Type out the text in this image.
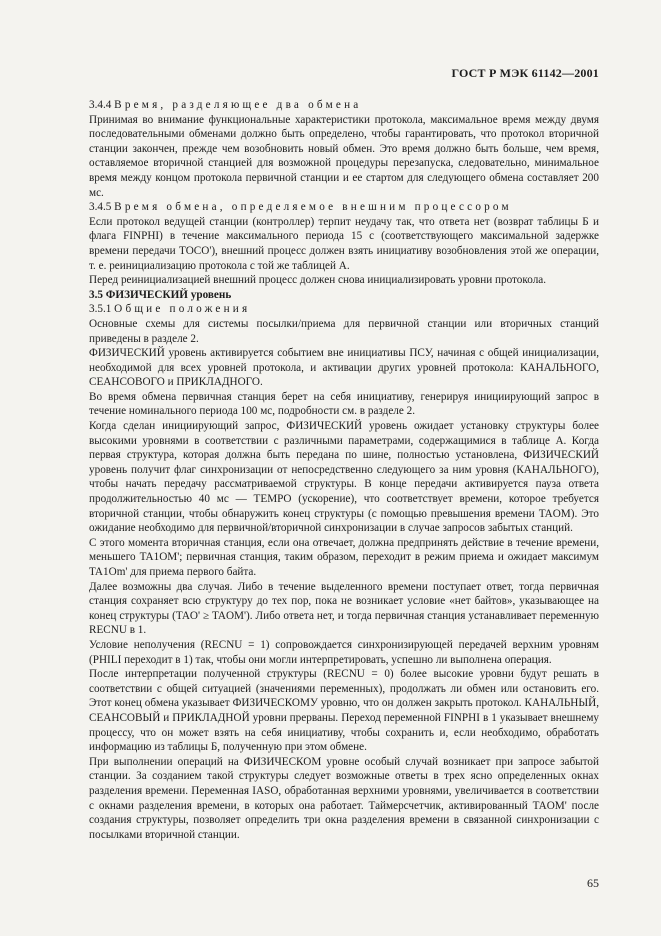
ГОСТ Р МЭК 61142—2001

3.4.4 Время, разделяющее два обмена

Принимая во внимание функциональные характеристики протокола, максимальное время между двумя последовательными обменами должно быть определено, чтобы гарантировать, что протокол вторичной станции закончен, прежде чем возобновить новый обмен. Это время должно быть больше, чем время, оставляемое вторичной станцией для возможной процедуры перезапуска, следовательно, минимальное время между концом протокола первичной станции и ее стартом для следующего обмена составляет 200 мс.

3.4.5 Время обмена, определяемое внешним процессором

Если протокол ведущей станции (контроллер) терпит неудачу так, что ответа нет (возврат таблицы Б и флага FINPHI) в течение максимального периода 15 с (соответствующего максимальной задержке времени передачи TOCO'), внешний процесс должен взять инициативу возобновления этой же операции, т. е. реинициализацию протокола с той же таблицей А.

Перед реинициализацией внешний процесс должен снова инициализировать уровни протокола.

3.5 ФИЗИЧЕСКИЙ уровень

3.5.1 Общие положения

Основные схемы для системы посылки/приема для первичной станции или вторичных станций приведены в разделе 2.

ФИЗИЧЕСКИЙ уровень активируется событием вне инициативы ПСУ, начиная с общей инициализации, необходимой для всех уровней протокола, и активации других уровней протокола: КАНАЛЬНОГО, СЕАНСОВОГО и ПРИКЛАДНОГО.

Во время обмена первичная станция берет на себя инициативу, генерируя инициирующий запрос в течение номинального периода 100 мс, подробности см. в разделе 2.

Когда сделан инициирующий запрос, ФИЗИЧЕСКИЙ уровень ожидает установку структуры более высокими уровнями в соответствии с различными параметрами, содержащимися в таблице А. Когда первая структура, которая должна быть передана по шине, полностью установлена, ФИЗИЧЕСКИЙ уровень получит флаг синхронизации от непосредственно следующего за ним уровня (КАНАЛЬНОГО), чтобы начать передачу рассматриваемой структуры. В конце передачи активируется пауза ответа продолжительностью 40 мс — TEMPO (ускорение), что соответствует времени, которое требуется вторичной станции, чтобы обнаружить конец структуры (с помощью превышения времени TAOM). Это ожидание необходимо для первичной/вторичной синхронизации в случае запросов забытых станций.

С этого момента вторичная станция, если она отвечает, должна предпринять действие в течение времени, меньшего TA1OM'; первичная станция, таким образом, переходит в режим приема и ожидает максимум TA1Om' для приема первого байта.

Далее возможны два случая. Либо в течение выделенного времени поступает ответ, тогда первичная станция сохраняет всю структуру до тех пор, пока не возникает условие «нет байтов», указывающее на конец структуры (TAO' ≥ TAOM'). Либо ответа нет, и тогда первичная станция устанавливает переменную RECNU в 1.

Условие неполучения (RECNU = 1) сопровождается синхронизирующей передачей верхним уровням (PHILI переходит в 1) так, чтобы они могли интерпретировать, успешно ли выполнена операция.

После интерпретации полученной структуры (RECNU = 0) более высокие уровни будут решать в соответствии с общей ситуацией (значениями переменных), продолжать ли обмен или остановить его. Этот конец обмена указывает ФИЗИЧЕСКОМУ уровню, что он должен закрыть протокол. КАНАЛЬНЫЙ, СЕАНСОВЫЙ и ПРИКЛАДНОЙ уровни прерваны. Переход переменной FINPHI в 1 указывает внешнему процессу, что он может взять на себя инициативу, чтобы сохранить и, если необходимо, обработать информацию из таблицы Б, полученную при этом обмене.

При выполнении операций на ФИЗИЧЕСКОМ уровне особый случай возникает при запросе забытой станции. За созданием такой структуры следует возможные ответы в трех ясно определенных окнах разделения времени. Переменная IASO, обработанная верхними уровнями, увеличивается в соответствии с окнами разделения времени, в которых она работает. Таймерсчетчик, активированный TAOM' после создания структуры, позволяет определить три окна разделения времени в связанной синхронизации с посылками вторичной станции.

65
